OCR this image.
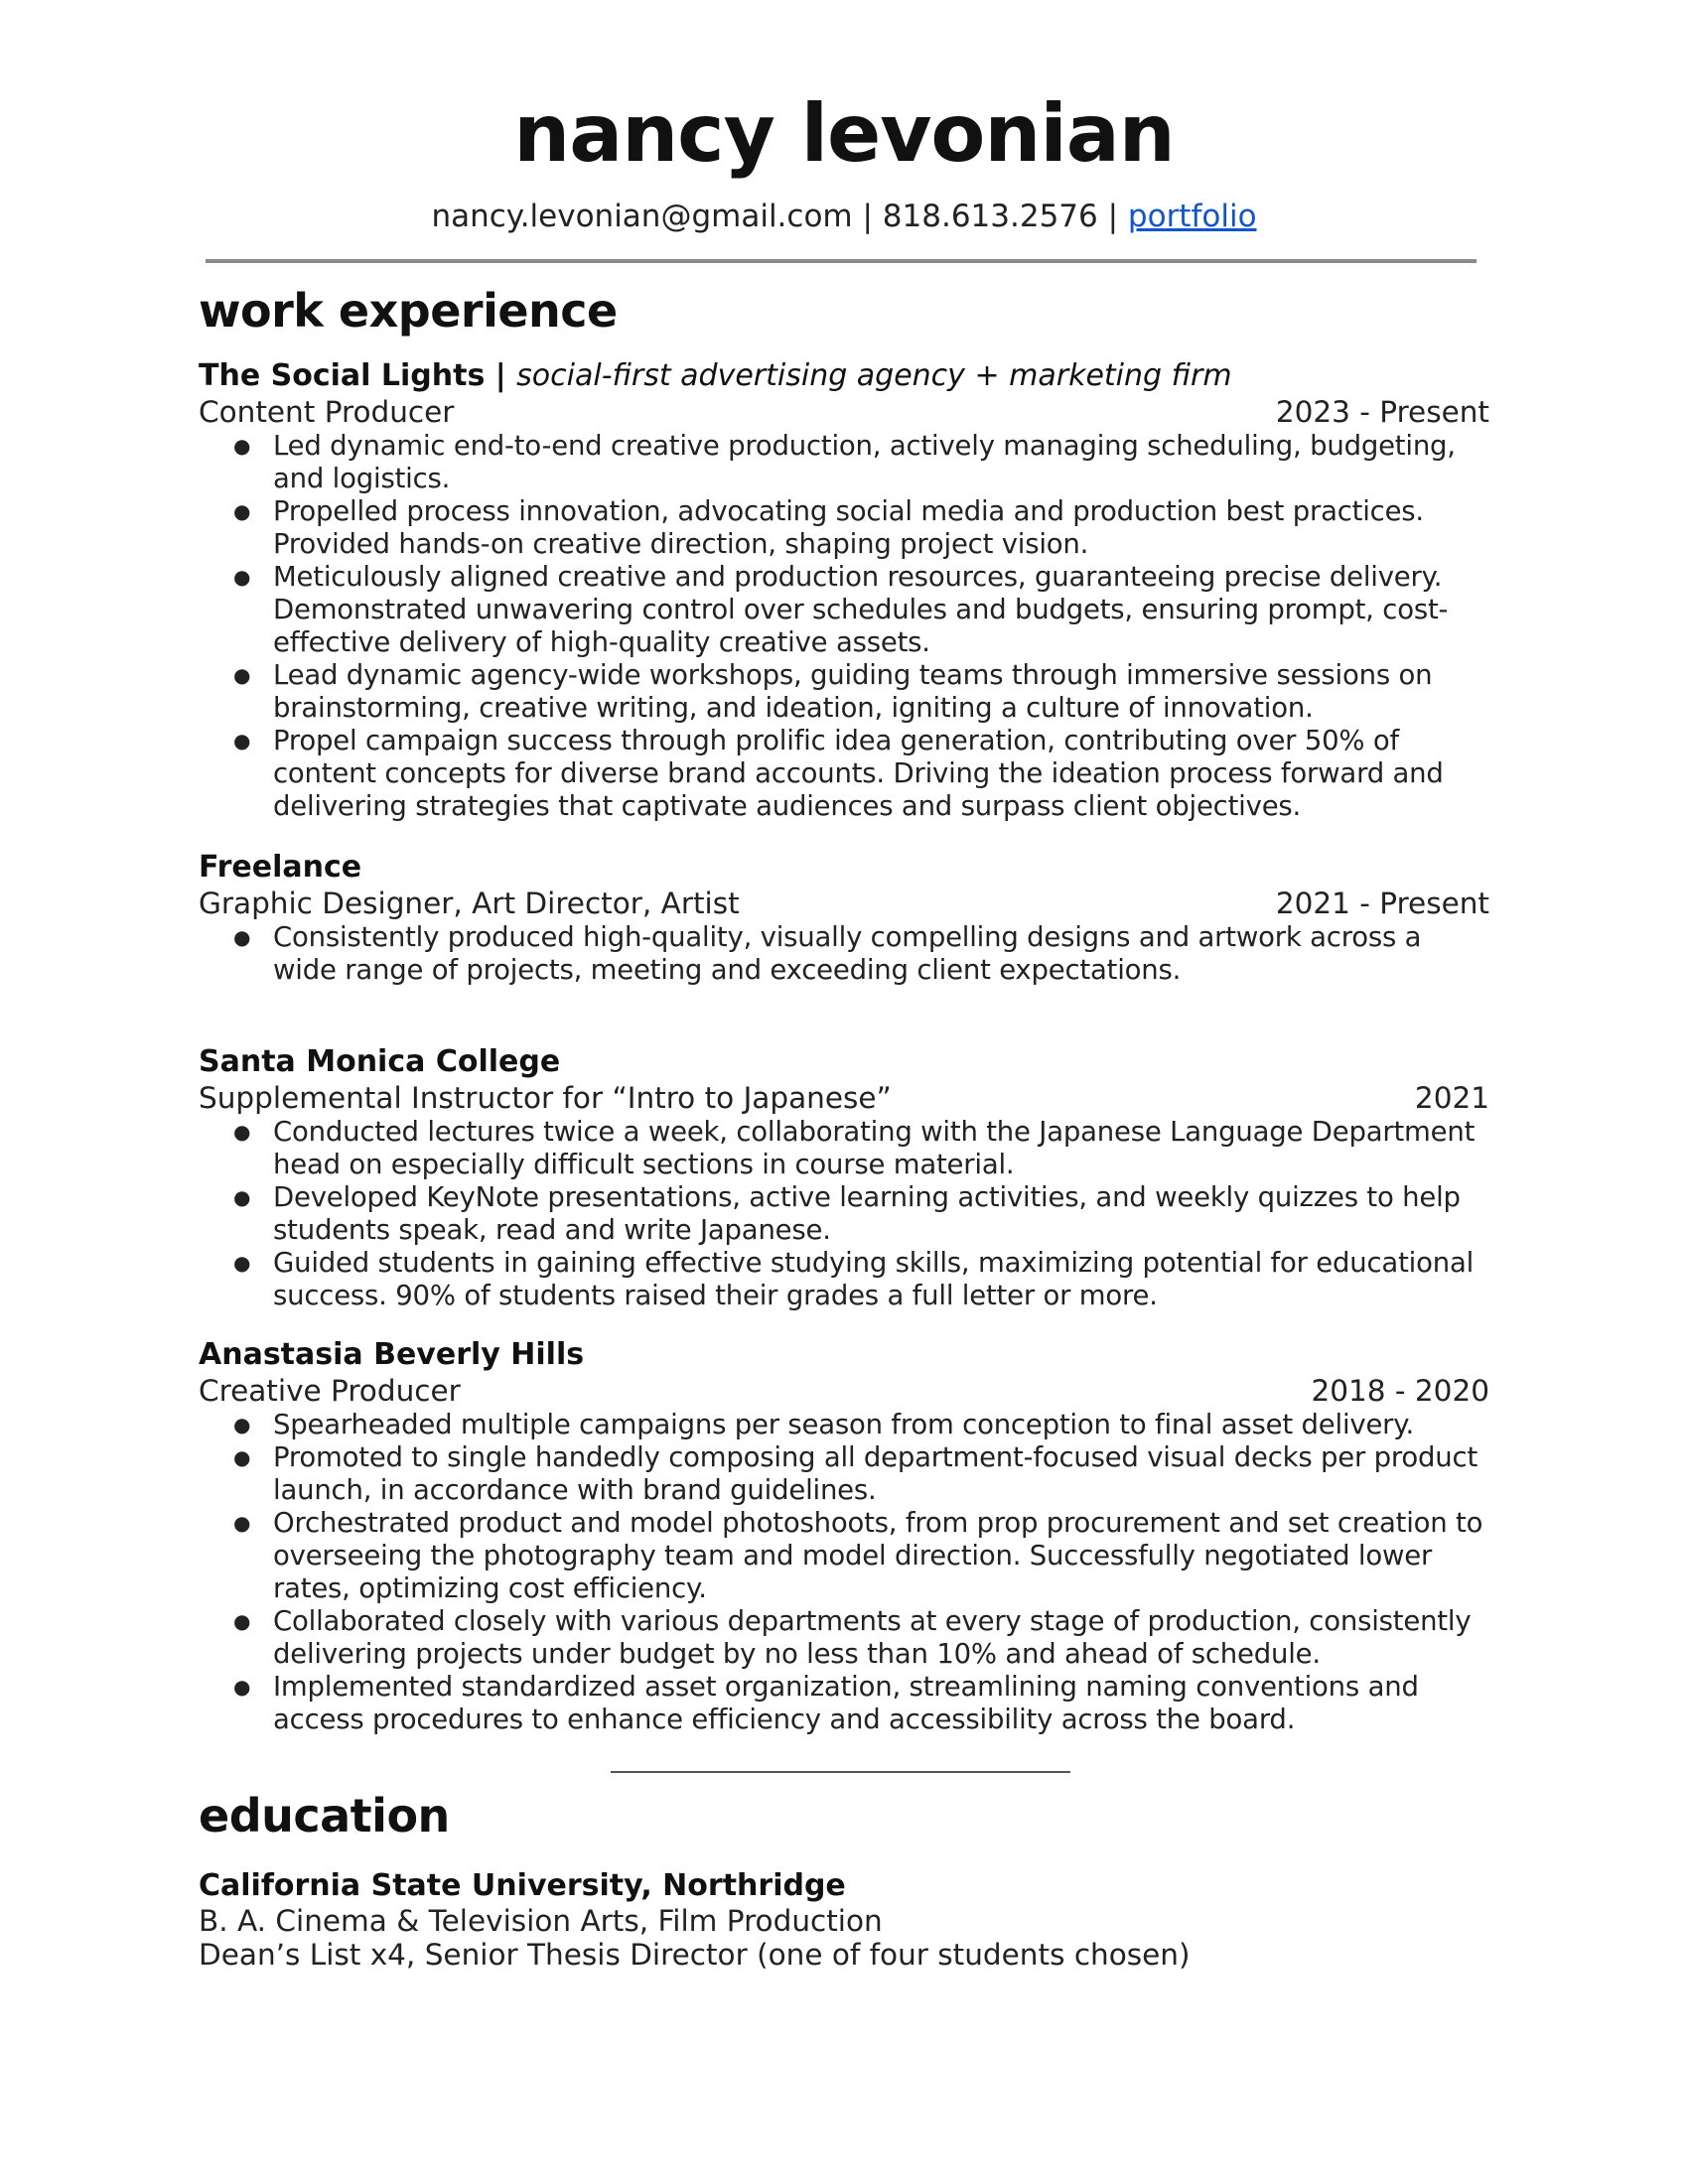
nancy levonian
nancy.levonian@gmail.com | 818.613.2576 | portfolio
work experience
The Social Lights | social-first advertising agency + marketing firm
Content Producer	2023 - Present
● Led dynamic end-to-end creative production, actively managing scheduling, budgeting, and logistics.
● Propelled process innovation, advocating social media and production best practices. Provided hands-on creative direction, shaping project vision.
● Meticulously aligned creative and production resources, guaranteeing precise delivery. Demonstrated unwavering control over schedules and budgets, ensuring prompt, cost-effective delivery of high-quality creative assets.
● Lead dynamic agency-wide workshops, guiding teams through immersive sessions on brainstorming, creative writing, and ideation, igniting a culture of innovation.
● Propel campaign success through prolific idea generation, contributing over 50% of content concepts for diverse brand accounts. Driving the ideation process forward and delivering strategies that captivate audiences and surpass client objectives.
Freelance
Graphic Designer, Art Director, Artist	2021 - Present
● Consistently produced high-quality, visually compelling designs and artwork across a wide range of projects, meeting and exceeding client expectations.
Santa Monica College
Supplemental Instructor for “Intro to Japanese”	2021
● Conducted lectures twice a week, collaborating with the Japanese Language Department head on especially difficult sections in course material.
● Developed KeyNote presentations, active learning activities, and weekly quizzes to help students speak, read and write Japanese.
● Guided students in gaining effective studying skills, maximizing potential for educational success. 90% of students raised their grades a full letter or more.
Anastasia Beverly Hills
Creative Producer	2018 - 2020
● Spearheaded multiple campaigns per season from conception to final asset delivery.
● Promoted to single handedly composing all department-focused visual decks per product launch, in accordance with brand guidelines.
● Orchestrated product and model photoshoots, from prop procurement and set creation to overseeing the photography team and model direction. Successfully negotiated lower rates, optimizing cost efficiency.
● Collaborated closely with various departments at every stage of production, consistently delivering projects under budget by no less than 10% and ahead of schedule.
● Implemented standardized asset organization, streamlining naming conventions and access procedures to enhance efficiency and accessibility across the board.
education
California State University, Northridge
B. A. Cinema & Television Arts, Film Production
Dean’s List x4, Senior Thesis Director (one of four students chosen)
